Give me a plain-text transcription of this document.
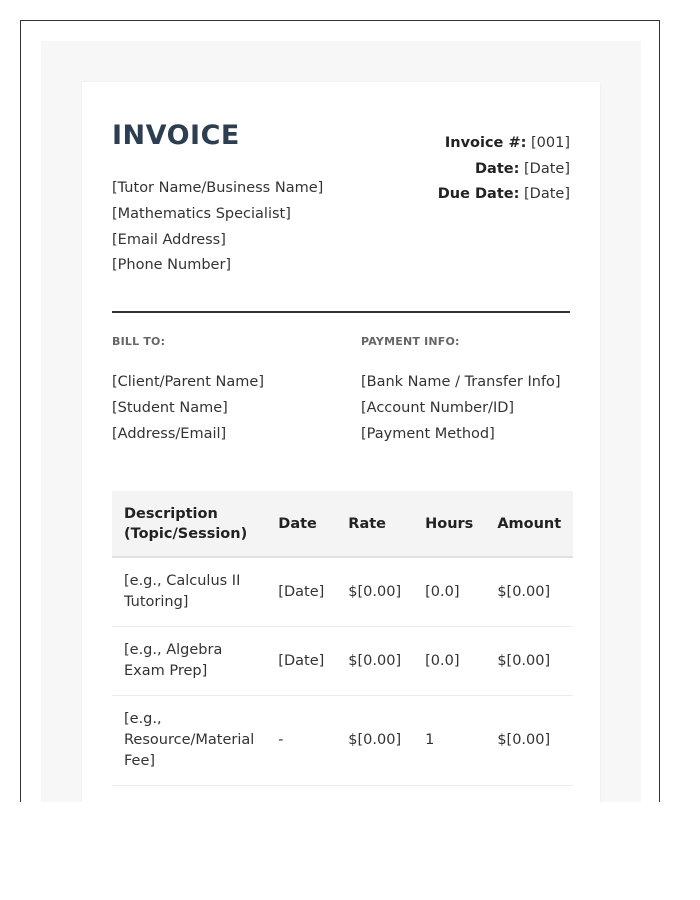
INVOICE
[Tutor Name/Business Name]
[Mathematics Specialist]
[Email Address]
[Phone Number]
Invoice #: [001]
Date: [Date]
Due Date: [Date]
BILL TO:
[Client/Parent Name]
[Student Name]
[Address/Email]
PAYMENT INFO:
[Bank Name / Transfer Info]
[Account Number/ID]
[Payment Method]
Description (Topic/Session)	Date	Rate	Hours	Amount
[e.g., Calculus II Tutoring]	[Date]	$[0.00]	[0.0]	$[0.00]
[e.g., Algebra Exam Prep]	[Date]	$[0.00]	[0.0]	$[0.00]
[e.g., Resource/Material Fee]	-	$[0.00]	1	$[0.00]
